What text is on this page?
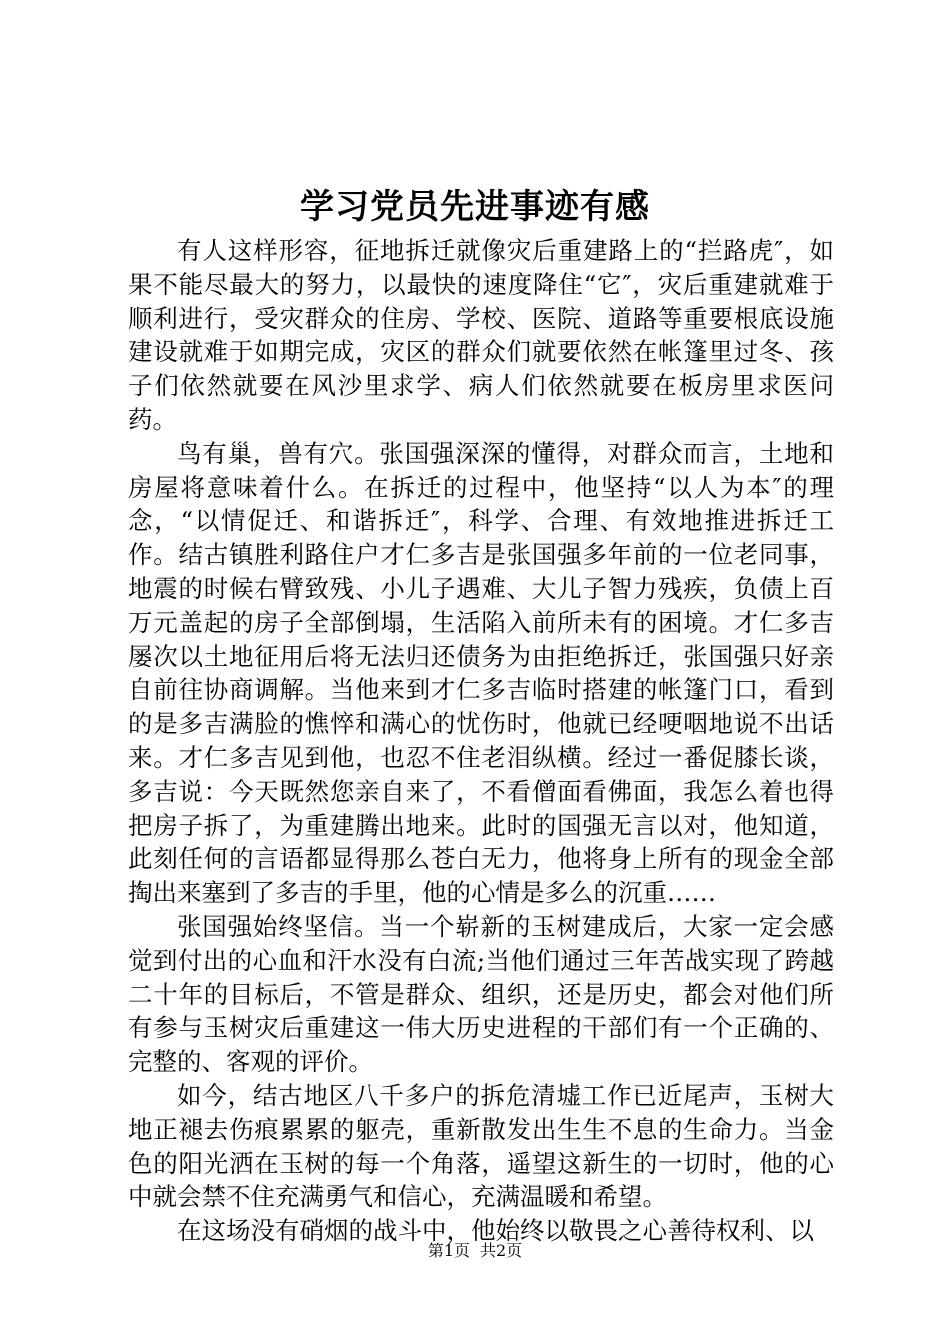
学习党员先进事迹有感

有人这样形容，征地拆迁就像灾后重建路上的“拦路虎″，如果不能尽最大的努力，以最快的速度降住“它″，灾后重建就难于顺利进行，受灾群众的住房、学校、医院、道路等重要根底设施建设就难于如期完成，灾区的群众们就要依然在帐篷里过冬、孩子们依然就要在风沙里求学、病人们依然就要在板房里求医问药。

鸟有巢，兽有穴。张国强深深的懂得，对群众而言，土地和房屋将意味着什么。在拆迁的过程中，他坚持“以人为本″的理念，“以情促迁、和谐拆迁″，科学、合理、有效地推进拆迁工作。结古镇胜利路住户才仁多吉是张国强多年前的一位老同事，地震的时候右臂致残、小儿子遇难、大儿子智力残疾，负债上百万元盖起的房子全部倒塌，生活陷入前所未有的困境。才仁多吉屡次以土地征用后将无法归还债务为由拒绝拆迁，张国强只好亲自前往协商调解。当他来到才仁多吉临时搭建的帐篷门口，看到的是多吉满脸的憔悴和满心的忧伤时，他就已经哽咽地说不出话来。才仁多吉见到他，也忍不住老泪纵横。经过一番促膝长谈，多吉说：今天既然您亲自来了，不看僧面看佛面，我怎么着也得把房子拆了，为重建腾出地来。此时的国强无言以对，他知道，此刻任何的言语都显得那么苍白无力，他将身上所有的现金全部掏出来塞到了多吉的手里，他的心情是多么的沉重……

张国强始终坚信。当一个崭新的玉树建成后，大家一定会感觉到付出的心血和汗水没有白流;当他们通过三年苦战实现了跨越二十年的目标后，不管是群众、组织，还是历史，都会对他们所有参与玉树灾后重建这一伟大历史进程的干部们有一个正确的、完整的、客观的评价。

如今，结古地区八千多户的拆危清墟工作已近尾声，玉树大地正褪去伤痕累累的躯壳，重新散发出生生不息的生命力。当金色的阳光洒在玉树的每一个角落，遥望这新生的一切时，他的心中就会禁不住充满勇气和信心，充满温暖和希望。

在这场没有硝烟的战斗中，他始终以敬畏之心善待权利、以

第1页 共2页
